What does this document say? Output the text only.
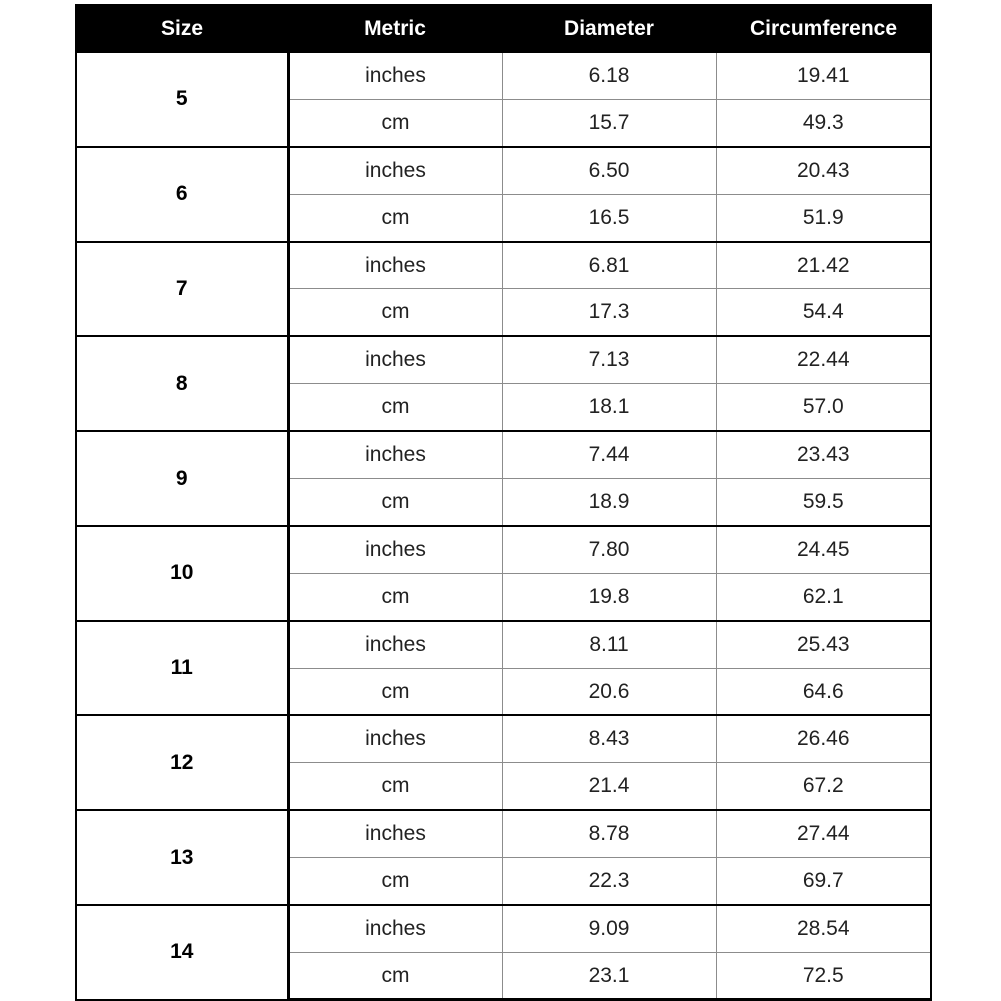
Size	Metric	Diameter	Circumference
5	inches	6.18	19.41
	cm	15.7	49.3
6	inches	6.50	20.43
	cm	16.5	51.9
7	inches	6.81	21.42
	cm	17.3	54.4
8	inches	7.13	22.44
	cm	18.1	57.0
9	inches	7.44	23.43
	cm	18.9	59.5
10	inches	7.80	24.45
	cm	19.8	62.1
11	inches	8.11	25.43
	cm	20.6	64.6
12	inches	8.43	26.46
	cm	21.4	67.2
13	inches	8.78	27.44
	cm	22.3	69.7
14	inches	9.09	28.54
	cm	23.1	72.5
